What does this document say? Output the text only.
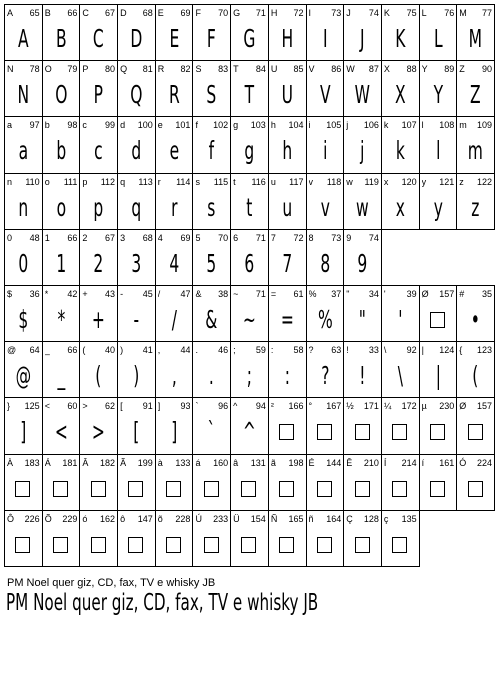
A 65
A
B 66
B
C 67
C
D 68
D
E 69
E
F 70
F
G 71
G
H 72
H
I 73
I
J 74
J
K 75
K
L 76
L
M 77
M
N 78
N
O 79
O
P 80
P
Q 81
Q
R 82
R
S 83
S
T 84
T
U 85
U
V 86
V
W 87
W
X 88
X
Y 89
Y
Z 90
Z
a 97
a
b 98
b
c 99
c
d 100
d
e 101
e
f 102
f
g 103
g
h 104
h
i 105
i
j 106
j
k 107
k
l 108
l
m 109
m
n 110
n
o 111
o
p 112
p
q 113
q
r 114
r
s 115
s
t 116
t
u 117
u
v 118
v
w 119
w
x 120
x
y 121
y
z 122
z
0 48
0
1 66
1
2 67
2
3 68
3
4 69
4
5 70
5
6 71
6
7 72
7
8 73
8
9 74
9
$ 36
$
* 42
*
+ 43
+
- 45
-
/ 47
/
& 38
&
~ 71
~
= 61
=
% 37
%
" 34
"
' 39
'
Ø 157 # 35
•
@ 64
@
_ 66
_
( 40
(
) 41
)
, 44
,
. 46
.
; 59
;
: 58
:
? 63
?
! 33
!
\ 92
\
| 124
|
{ 123
(
} 125
]
< 60
<
> 62
>
[ 91
[
] 93
]
` 96
`
^ 94
^
² 166 ° 167 ½ 171 ¼ 172 µ 230 Ø 157
À 183 Á 181 Â 182 Ã 199 à 133 á 160 â 131 ã 198 É 144 Ê 210 Í 214 í 161 Ó 224
Ô 226 Õ 229 ó 162 ô 147 õ 228 Ú 233 Ü 154 Ñ 165 ñ 164 Ç 128 ç 135
PM Noel quer giz, CD, fax, TV e whisky JB
PM Noel quer giz, CD, fax, TV e whisky JB
